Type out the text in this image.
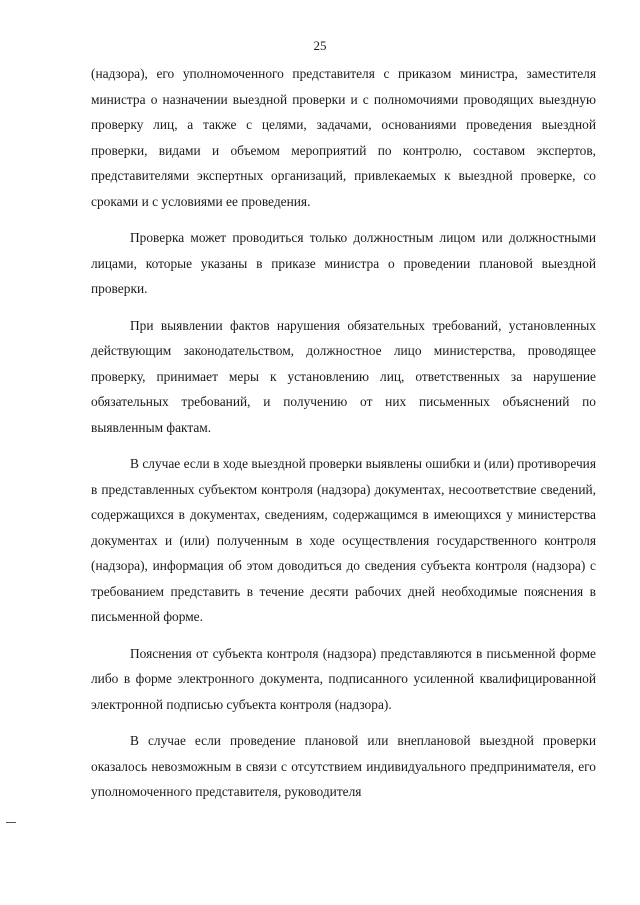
25

(надзора), его уполномоченного представителя с приказом министра, заместителя министра о назначении выездной проверки и с полномочиями проводящих выездную проверку лиц, а также с целями, задачами, основаниями проведения выездной проверки, видами и объемом мероприятий по контролю, составом экспертов, представителями экспертных организаций, привлекаемых к выездной проверке, со сроками и с условиями ее проведения.

Проверка может проводиться только должностным лицом или должностными лицами, которые указаны в приказе министра о проведении плановой выездной проверки.

При выявлении фактов нарушения обязательных требований, установленных действующим законодательством, должностное лицо министерства, проводящее проверку, принимает меры к установлению лиц, ответственных за нарушение обязательных требований, и получению от них письменных объяснений по выявленным фактам.

В случае если в ходе выездной проверки выявлены ошибки и (или) противоречия в представленных субъектом контроля (надзора) документах, несоответствие сведений, содержащихся в документах, сведениям, содержащимся в имеющихся у министерства документах и (или) полученным в ходе осуществления государственного контроля (надзора), информация об этом доводиться до сведения субъекта контроля (надзора) с требованием представить в течение десяти рабочих дней необходимые пояснения в письменной форме.

Пояснения от субъекта контроля (надзора) представляются в письменной форме либо в форме электронного документа, подписанного усиленной квалифицированной электронной подписью субъекта контроля (надзора).

В случае если проведение плановой или внеплановой выездной проверки оказалось невозможным в связи с отсутствием индивидуального предпринимателя, его уполномоченного представителя, руководителя
